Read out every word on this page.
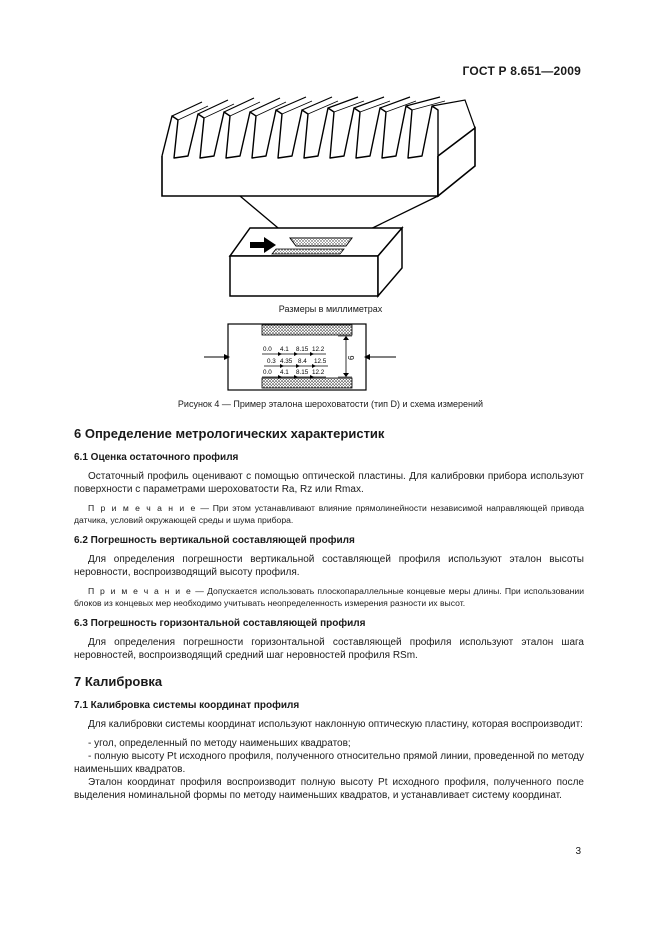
ГОСТ Р 8.651—2009
Размеры в миллиметрах
0.0 4.1 8.15 12.2
0.3 4.35 8.4 12.5
0.0 4.1 8.15 12.2
6
Рисунок 4 — Пример эталона шероховатости (тип D) и схема измерений
6 Определение метрологических характеристик
6.1 Оценка остаточного профиля
Остаточный профиль оценивают с помощью оптической пластины. Для калибровки прибора используют поверхности с параметрами шероховатости Ra, Rz или Rmax.
П р и м е ч а н и е — При этом устанавливают влияние прямолинейности независимой направляющей привода датчика, условий окружающей среды и шума прибора.
6.2 Погрешность вертикальной составляющей профиля
Для определения погрешности вертикальной составляющей профиля используют эталон высоты неровности, воспроизводящий высоту профиля.
П р и м е ч а н и е — Допускается использовать плоскопараллельные концевые меры длины. При использовании блоков из концевых мер необходимо учитывать неопределенность измерения разности их высот.
6.3 Погрешность горизонтальной составляющей профиля
Для определения погрешности горизонтальной составляющей профиля используют эталон шага неровностей, воспроизводящий средний шаг неровностей профиля RSm.
7 Калибровка
7.1 Калибровка системы координат профиля
Для калибровки системы координат используют наклонную оптическую пластину, которая воспроизводит:
- угол, определенный по методу наименьших квадратов;
- полную высоту Pt исходного профиля, полученного относительно прямой линии, проведенной по методу наименьших квадратов.
Эталон координат профиля воспроизводит полную высоту Pt исходного профиля, полученного после выделения номинальной формы по методу наименьших квадратов, и устанавливает систему координат.
3
